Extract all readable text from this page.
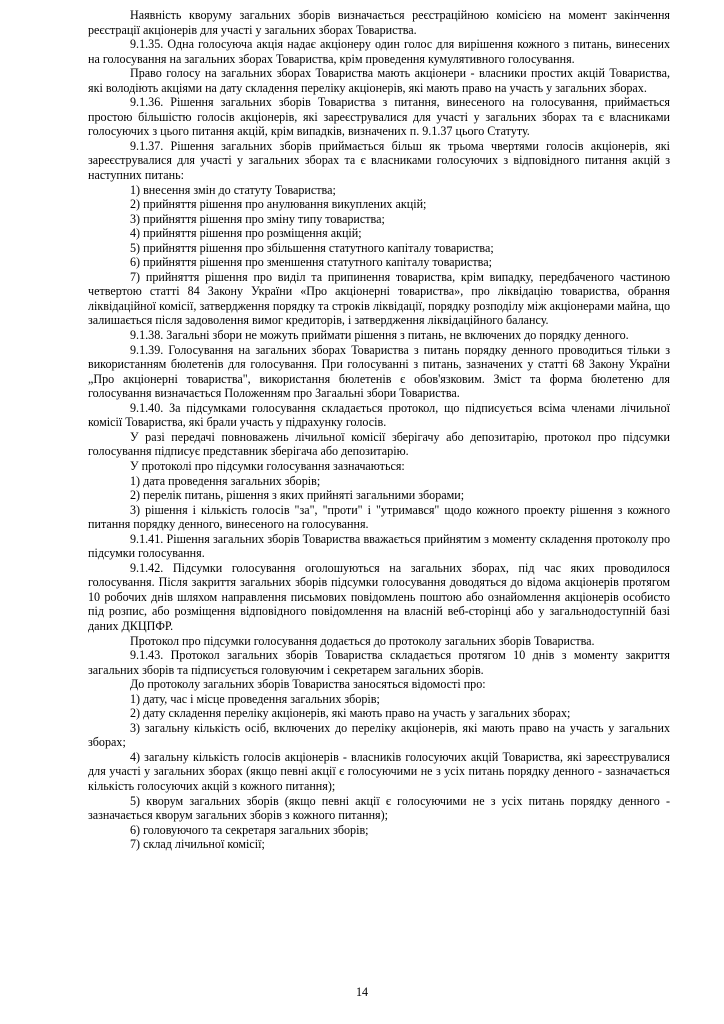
Наявність кворуму загальних зборів визначається реєстраційною комісією на момент закінчення реєстрації акціонерів для участі у загальних зборах Товариства.

9.1.35. Одна голосуюча акція надає акціонеру один голос для вирішення кожного з питань, винесених на голосування на загальних зборах Товариства, крім проведення кумулятивного голосування.

Право голосу на загальних зборах Товариства мають акціонери - власники простих акцій Товариства, які володіють акціями на дату складення переліку акціонерів, які мають право на участь у загальних зборах.

9.1.36. Рішення загальних зборів Товариства з питання, винесеного на голосування, приймається простою більшістю голосів акціонерів, які зареєструвалися для участі у загальних зборах та є власниками голосуючих з цього питання акцій, крім випадків, визначених п. 9.1.37 цього Статуту.

9.1.37. Рішення загальних зборів приймається більш як трьома чвертями голосів акціонерів, які зареєструвалися для участі у загальних зборах та є власниками голосуючих з відповідного питання акцій з наступних питань:

1) внесення змін до статуту Товариства;

2) прийняття рішення про анулювання викуплених акцій;

3) прийняття рішення про зміну типу товариства;

4) прийняття рішення про розміщення акцій;

5) прийняття рішення про збільшення статутного капіталу товариства;

6) прийняття рішення про зменшення статутного капіталу товариства;

7) прийняття рішення про виділ та припинення товариства, крім випадку, передбаченого частиною четвертою статті 84 Закону України «Про акціонерні товариства», про ліквідацію товариства, обрання ліквідаційної комісії, затвердження порядку та строків ліквідації, порядку розподілу між акціонерами майна, що залишається після задоволення вимог кредиторів, і затвердження ліквідаційного балансу.

9.1.38. Загальні збори не можуть приймати рішення з питань, не включених до порядку денного.

9.1.39. Голосування на загальних зборах Товариства з питань порядку денного проводиться тільки з використанням бюлетенів для голосування. При голосуванні з питань, зазначених у статті 68 Закону України „Про акціонерні товариства", використання бюлетенів є обов'язковим. Зміст та форма бюлетеню для голосування визначається Положенням про Загаальні збори Товариства.

9.1.40. За підсумками голосування складається протокол, що підписується всіма членами лічильної комісії Товариства, які брали участь у підрахунку голосів.

У разі передачі повноважень лічильної комісії зберігачу або депозитарію, протокол про підсумки голосування підписує представник зберігача або депозитарію.

У протоколі про підсумки голосування зазначаються:

1) дата проведення загальних зборів;

2) перелік питань, рішення з яких прийняті загальними зборами;

3) рішення і кількість голосів "за", "проти" і "утримався" щодо кожного проекту рішення з кожного питання порядку денного, винесеного на голосування.

9.1.41. Рішення загальних зборів Товариства вважається прийнятим з моменту складення протоколу про підсумки голосування.

9.1.42. Підсумки голосування оголошуються на загальних зборах, під час яких проводилося голосування. Після закриття загальних зборів підсумки голосування доводяться до відома акціонерів протягом 10 робочих днів шляхом направлення письмових повідомлень поштою або ознайомлення акціонерів особисто під розпис, або розміщення відповідного повідомлення на власній веб-сторінці або у загальнодоступній базі даних ДКЦПФР.

Протокол про підсумки голосування додається до протоколу загальних зборів Товариства.

9.1.43. Протокол загальних зборів Товариства складається протягом 10 днів з моменту закриття загальних зборів та підписується головуючим і секретарем загальних зборів.

До протоколу загальних зборів Товариства заносяться відомості про:

1) дату, час і місце проведення загальних зборів;

2) дату складення переліку акціонерів, які мають право на участь у загальних зборах;

3) загальну кількість осіб, включених до переліку акціонерів, які мають право на участь у загальних зборах;

4) загальну кількість голосів акціонерів - власників голосуючих акцій Товариства, які зареєструвалися для участі у загальних зборах (якщо певні акції є голосуючими не з усіх питань порядку денного - зазначається кількість голосуючих акцій з кожного питання);

5) кворум загальних зборів (якщо певні акції є голосуючими не з усіх питань порядку денного - зазначається кворум загальних зборів з кожного питання);

6) головуючого та секретаря загальних зборів;

7) склад лічильної комісії;

14
